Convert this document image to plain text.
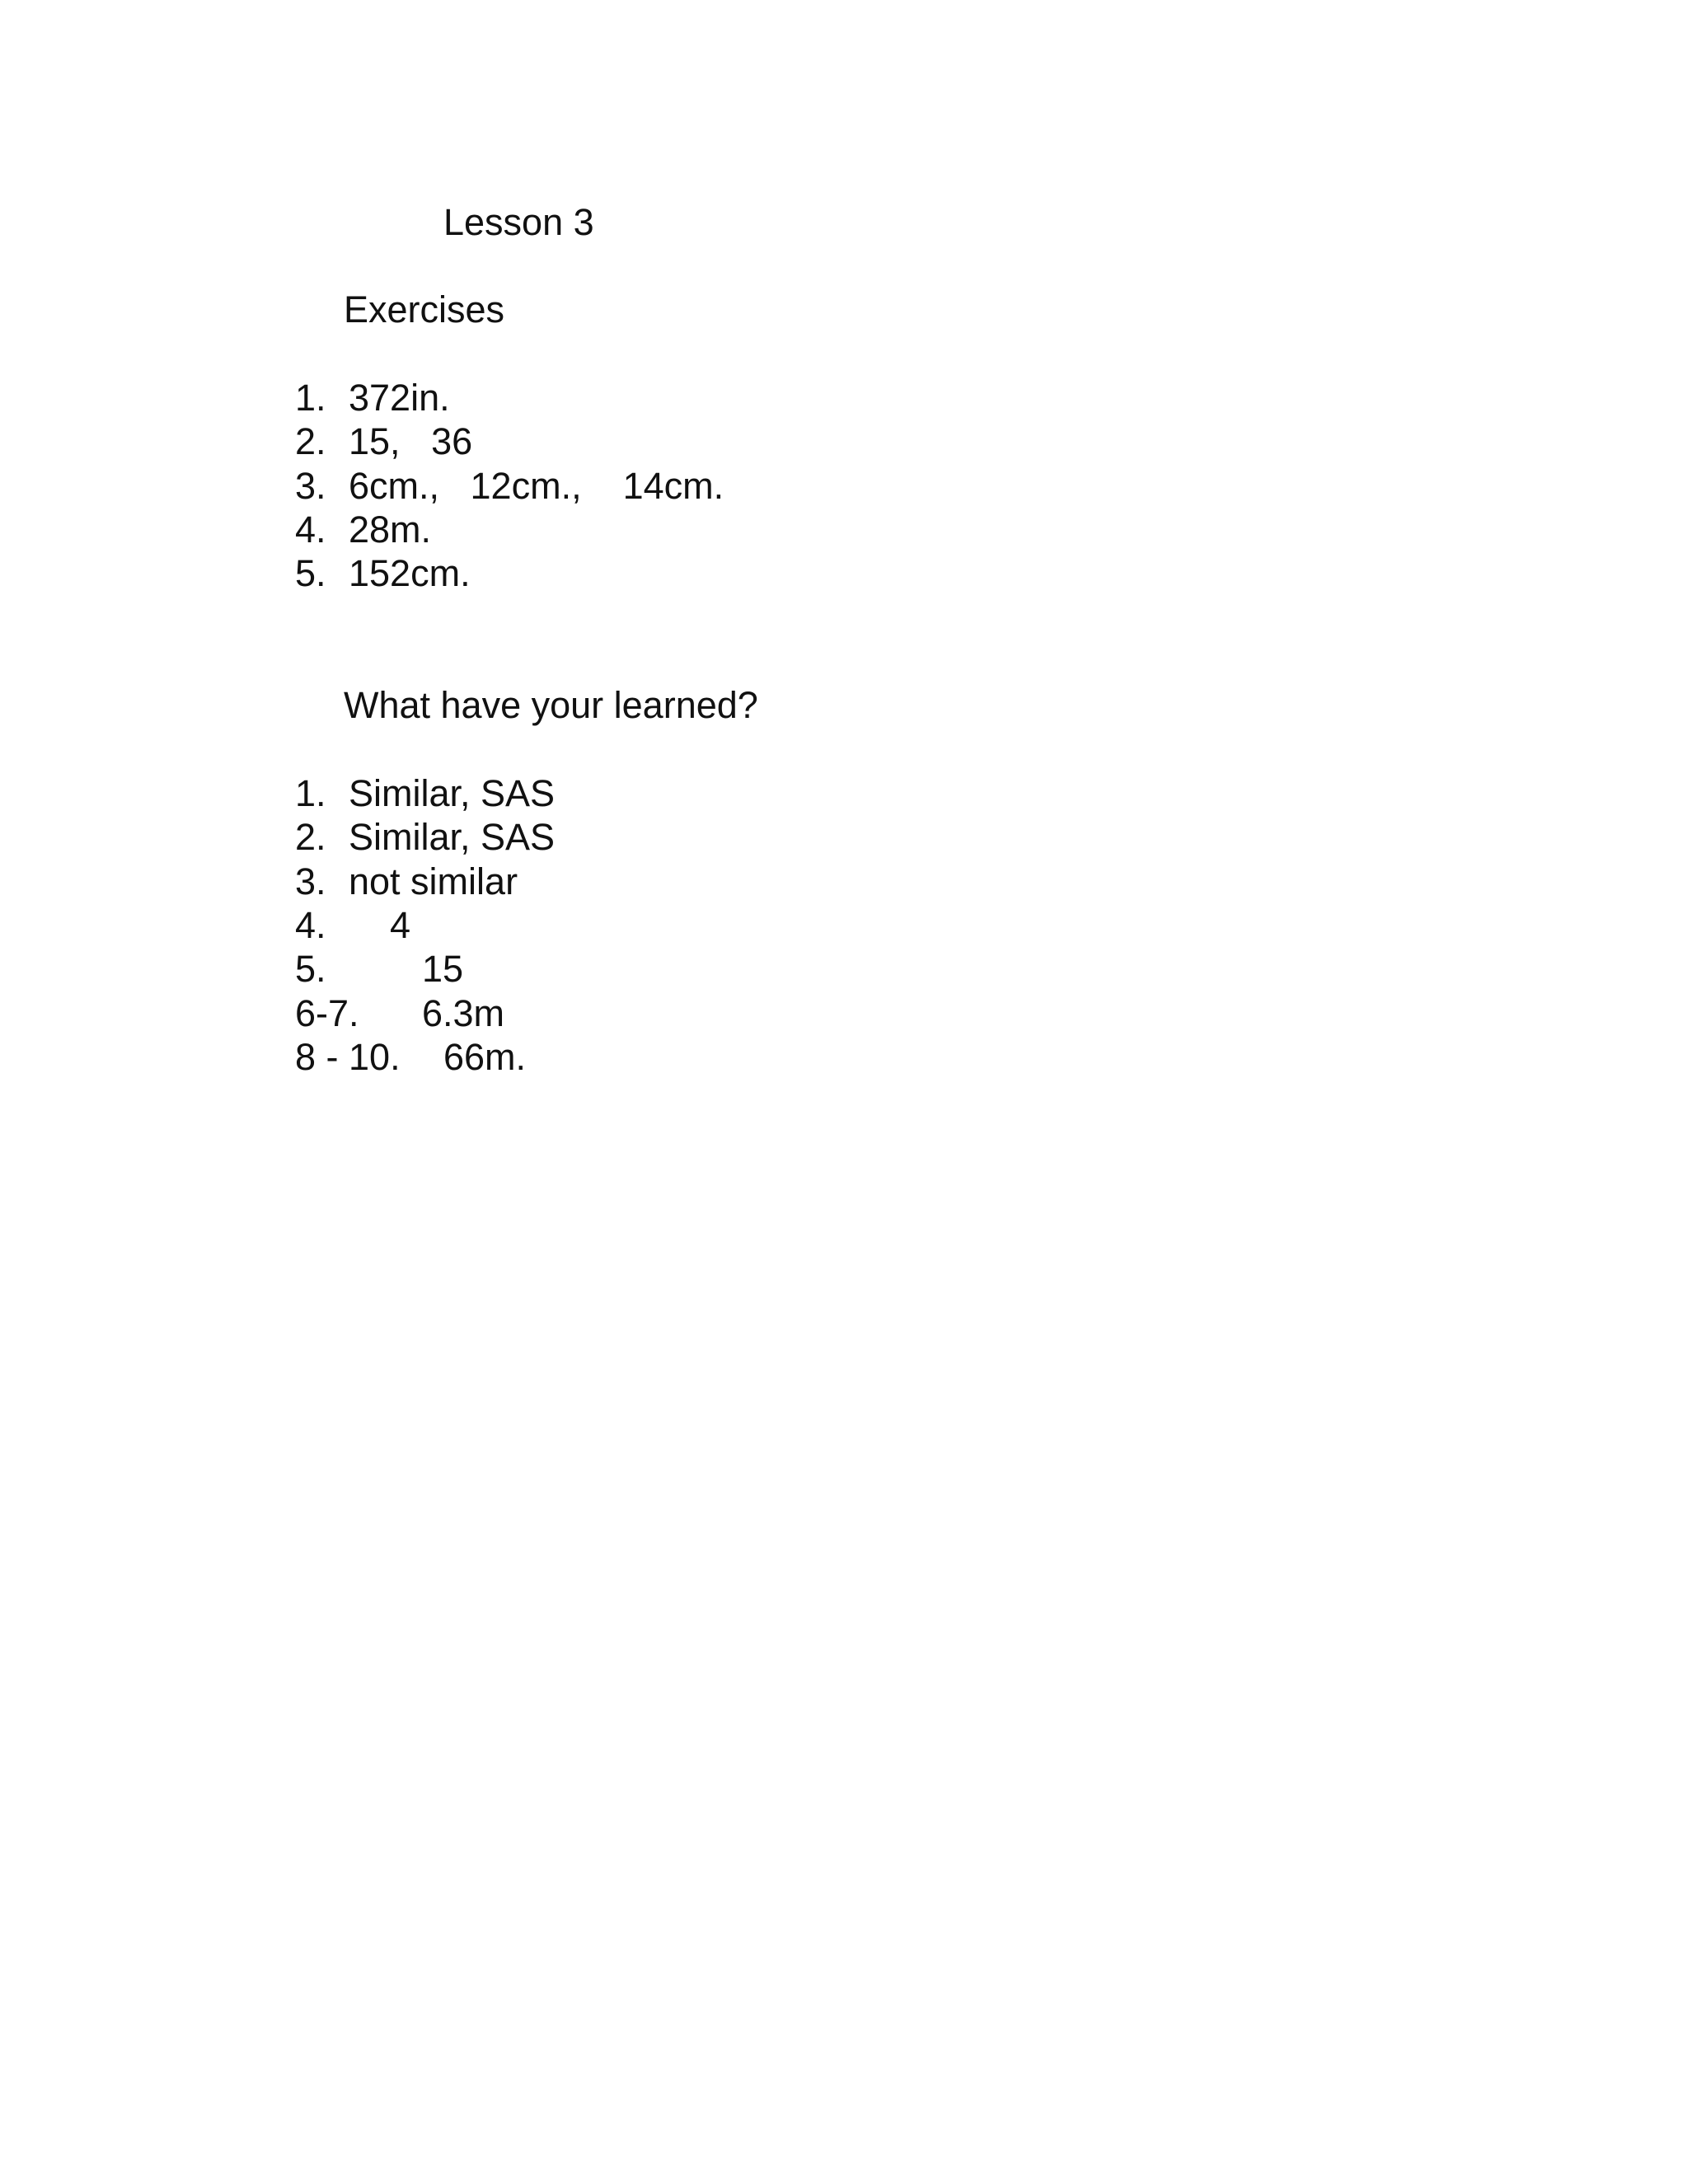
Lesson 3
Exercises
1. 372in.
2. 15,   36
3. 6cm.,   12cm.,    14cm.
4. 28m.
5. 152cm.
What have your learned?
1. Similar, SAS
2. Similar, SAS
3. not similar
4. 4
5.	15
6-7. 6.3m
8 - 10. 66m.
